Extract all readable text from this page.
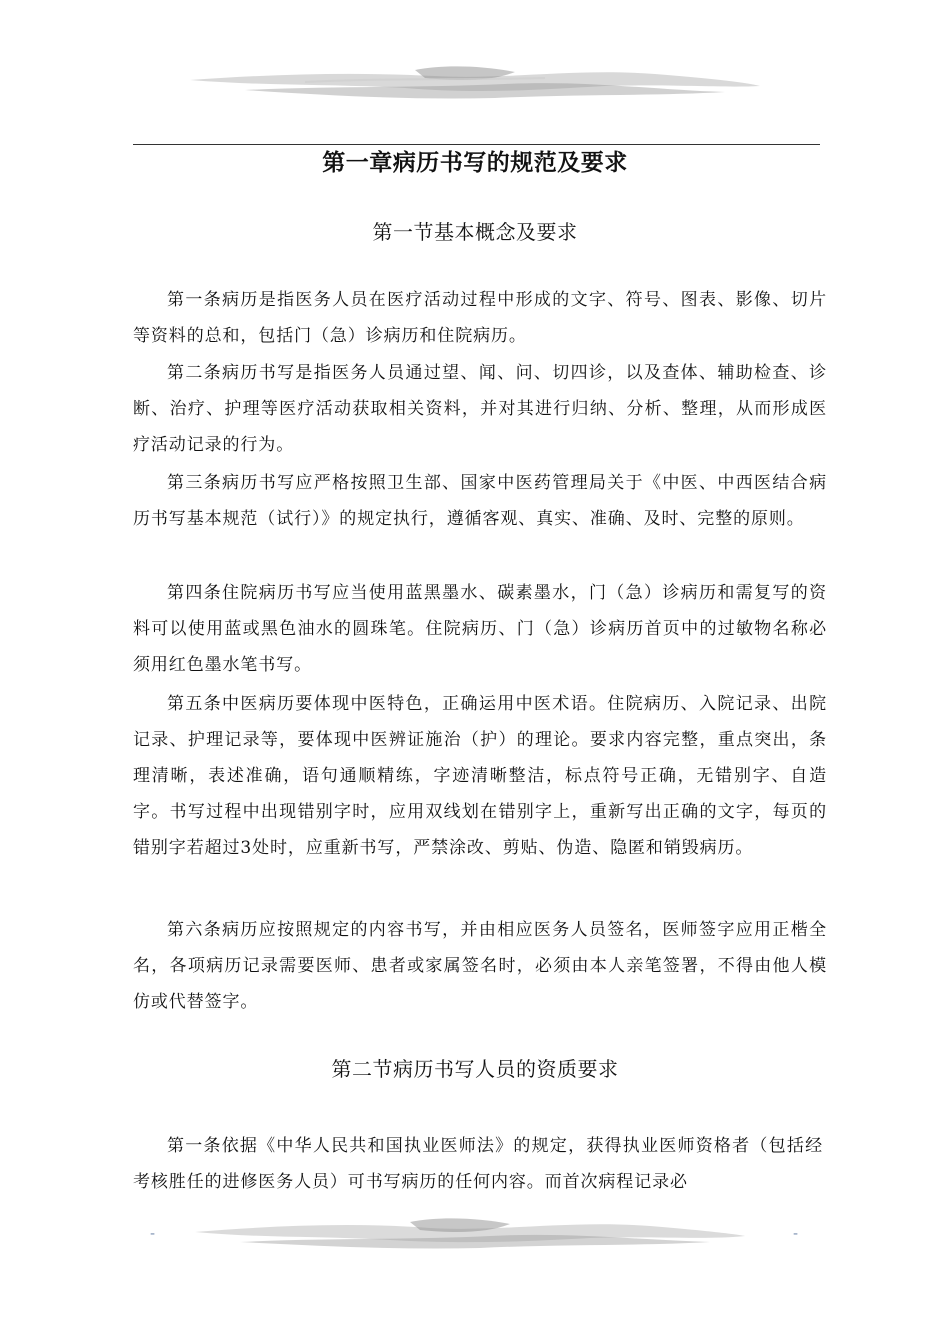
第一章病历书写的规范及要求
第一节基本概念及要求

第一条病历是指医务人员在医疗活动过程中形成的文字、符号、图表、影像、切片等资料的总和，包括门（急）诊病历和住院病历。

第二条病历书写是指医务人员通过望、闻、问、切四诊，以及查体、辅助检查、诊断、治疗、护理等医疗活动获取相关资料，并对其进行归纳、分析、整理，从而形成医疗活动记录的行为。

第三条病历书写应严格按照卫生部、国家中医药管理局关于《中医、中西医结合病历书写基本规范（试行）》的规定执行，遵循客观、真实、准确、及时、完整的原则。

第四条住院病历书写应当使用蓝黑墨水、碳素墨水，门（急）诊病历和需复写的资料可以使用蓝或黑色油水的圆珠笔。住院病历、门（急）诊病历首页中的过敏物名称必须用红色墨水笔书写。

第五条中医病历要体现中医特色，正确运用中医术语。住院病历、入院记录、出院记录、护理记录等，要体现中医辨证施治（护）的理论。要求内容完整，重点突出，条理清晰，表述准确，语句通顺精练，字迹清晰整洁，标点符号正确，无错别字、自造字。书写过程中出现错别字时，应用双线划在错别字上，重新写出正确的文字，每页的错别字若超过3处时，应重新书写，严禁涂改、剪贴、伪造、隐匿和销毁病历。

第六条病历应按照规定的内容书写，并由相应医务人员签名，医师签字应用正楷全名，各项病历记录需要医师、患者或家属签名时，必须由本人亲笔签署，不得由他人模仿或代替签字。

第二节病历书写人员的资质要求

第一条依据《中华人民共和国执业医师法》的规定，获得执业医师资格者（包括经考核胜任的进修医务人员）可书写病历的任何内容。而首次病程记录必

-	-
